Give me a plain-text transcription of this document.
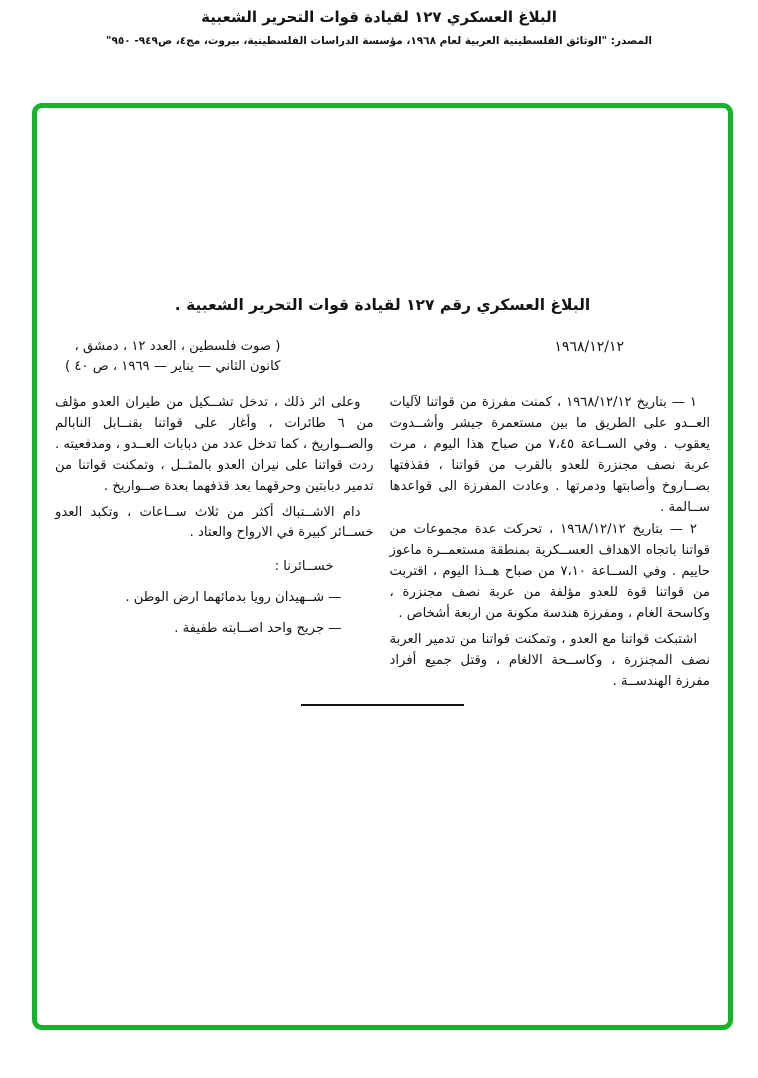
البلاغ العسكري ١٢٧ لقيادة قوات التحرير الشعبية
المصدر: "الوثائق الفلسطينية العربية لعام ١٩٦٨، مؤسسة الدراسات الفلسطينية، بيروت، مج٤، ص٩٤٩- ٩٥٠"
البلاغ العسكري رقم ١٢٧ لقيادة قوات التحرير الشعبية .
١٩٦٨/١٢/١٢
( صوت فلسطين ، العدد ١٢ ، دمشق ،
كانون الثاني — يناير — ١٩٦٩ ، ص ٤٠ )

١ — بتاريخ ١٩٦٨/١٢/١٢ ، كمنت مفرزة من قواتنا لآليات العــدو على الطريق ما بين مستعمرة جيشر وأشــدوت يعقوب . وفي الســاعة ٧،٤٥ من صباح هذا اليوم ، مرت عربة نصف مجنزرة للعدو بالقرب من قواتنا ، فقذفتها بصــاروخ وأصابتها ودمرتها . وعادت المفرزة الى قواعدها ســالمة .

٢ — بتاريخ ١٩٦٨/١٢/١٢ ، تحركت عدة مجموعات من قواتنا باتجاه الاهداف العســكرية بمنطقة مستعمــرة ماعوز حاييم . وفي الســاعة ٧،١٠ من صباح هــذا اليوم ، اقتربت من قواتنا قوة للعدو مؤلفة من عربة نصف مجنزرة ، وكاسحة الغام ، ومفرزة هندسة مكونة من اربعة أشخاص .

اشتبكت قواتنا مع العدو ، وتمكنت قواتنا من تدمير العربة نصف المجنزرة ، وكاســحة الالغام ، وقتل جميع أفراد مفرزة الهندســة .

وعلى اثر ذلك ، تدخل تشــكيل من طيران العدو مؤلف من ٦ طائرات ، وأغار على قواتنا بقنــابل النابالم والصــواريخ ، كما تدخل عدد من دبابات العــدو ، ومدفعيته . ردت قواتنا على نيران العدو بالمثــل ، وتمكنت قواتنا من تدمير دبابتين وحرقهما بعد قذفهما بعدة صــواريخ .

دام الاشــتباك أكثر من ثلاث ســاعات ، وتكبد العدو خســائر كبيرة في الارواح والعتاد .

خســائرنا :
— شــهيدان رويا بدمائهما ارض الوطن .
— جريح واحد اصــابته طفيفة .
